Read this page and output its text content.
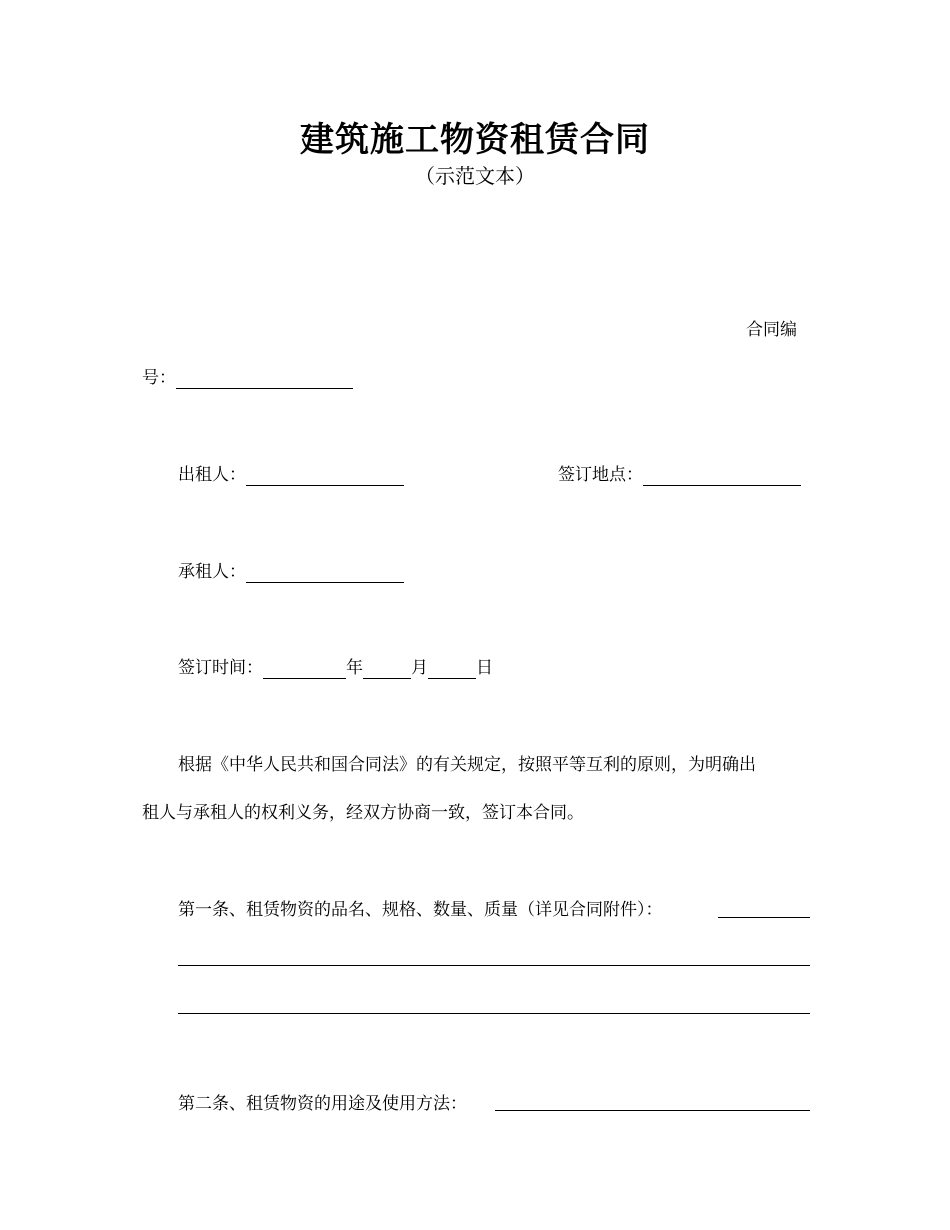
建筑施工物资租赁合同
（示范文本）
合同编
号：
出租人：	签订地点：
承租人：
签订时间：	年	月	日
根据《中华人民共和国合同法》的有关规定，按照平等互利的原则，为明确出
租人与承租人的权利义务，经双方协商一致，签订本合同。
第一条、租赁物资的品名、规格、数量、质量（详见合同附件）：
第二条、租赁物资的用途及使用方法：
